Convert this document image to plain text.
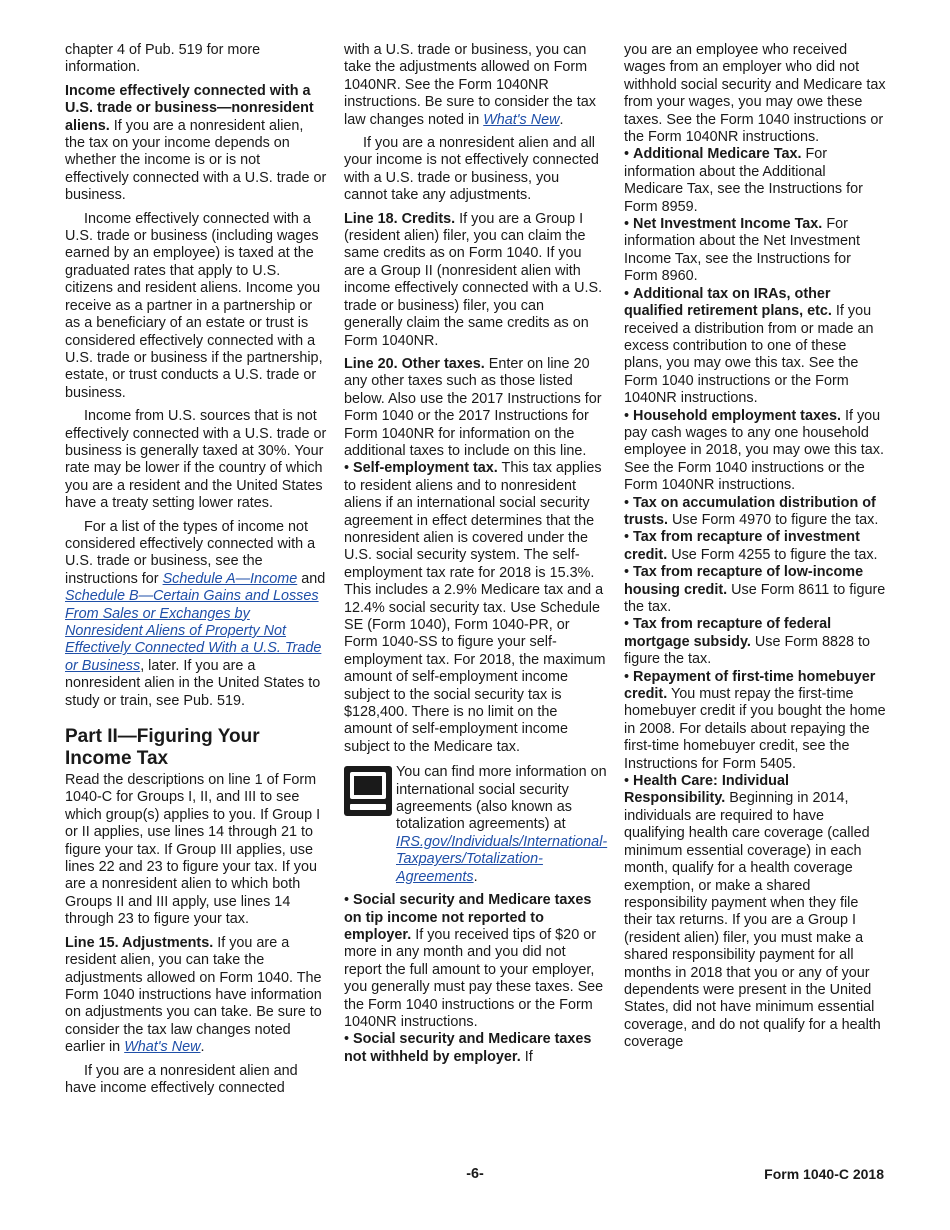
chapter 4 of Pub. 519 for more information.

Income effectively connected with a U.S. trade or business—nonresident aliens. If you are a nonresident alien, the tax on your income depends on whether the income is or is not effectively connected with a U.S. trade or business.

Income effectively connected with a U.S. trade or business (including wages earned by an employee) is taxed at the graduated rates that apply to U.S. citizens and resident aliens. Income you receive as a partner in a partnership or as a beneficiary of an estate or trust is considered effectively connected with a U.S. trade or business if the partnership, estate, or trust conducts a U.S. trade or business.

Income from U.S. sources that is not effectively connected with a U.S. trade or business is generally taxed at 30%. Your rate may be lower if the country of which you are a resident and the United States have a treaty setting lower rates.

For a list of the types of income not considered effectively connected with a U.S. trade or business, see the instructions for Schedule A—Income and Schedule B—Certain Gains and Losses From Sales or Exchanges by Nonresident Aliens of Property Not Effectively Connected With a U.S. Trade or Business, later. If you are a nonresident alien in the United States to study or train, see Pub. 519.

Part II—Figuring Your Income Tax

Read the descriptions on line 1 of Form 1040-C for Groups I, II, and III to see which group(s) applies to you. If Group I or II applies, use lines 14 through 21 to figure your tax. If Group III applies, use lines 22 and 23 to figure your tax. If you are a nonresident alien to which both Groups II and III apply, use lines 14 through 23 to figure your tax.

Line 15. Adjustments. If you are a resident alien, you can take the adjustments allowed on Form 1040. The Form 1040 instructions have information on adjustments you can take. Be sure to consider the tax law changes noted earlier in What's New.

If you are a nonresident alien and have income effectively connected

with a U.S. trade or business, you can take the adjustments allowed on Form 1040NR. See the Form 1040NR instructions. Be sure to consider the tax law changes noted in What's New.

If you are a nonresident alien and all your income is not effectively connected with a U.S. trade or business, you cannot take any adjustments.

Line 18. Credits. If you are a Group I (resident alien) filer, you can claim the same credits as on Form 1040. If you are a Group II (nonresident alien with income effectively connected with a U.S. trade or business) filer, you can generally claim the same credits as on Form 1040NR.

Line 20. Other taxes. Enter on line 20 any other taxes such as those listed below. Also use the 2017 Instructions for Form 1040 or the 2017 Instructions for Form 1040NR for information on the additional taxes to include on this line.

• Self-employment tax. This tax applies to resident aliens and to nonresident aliens if an international social security agreement in effect determines that the nonresident alien is covered under the U.S. social security system. The self-employment tax rate for 2018 is 15.3%. This includes a 2.9% Medicare tax and a 12.4% social security tax. Use Schedule SE (Form 1040), Form 1040-PR, or Form 1040-SS to figure your self-employment tax. For 2018, the maximum amount of self-employment income subject to the social security tax is $128,400. There is no limit on the amount of self-employment income subject to the Medicare tax.

You can find more information on international social security agreements (also known as totalization agreements) at IRS.gov/Individuals/International-Taxpayers/Totalization-Agreements.

• Social security and Medicare taxes on tip income not reported to employer. If you received tips of $20 or more in any month and you did not report the full amount to your employer, you generally must pay these taxes. See the Form 1040 instructions or the Form 1040NR instructions.

• Social security and Medicare taxes not withheld by employer. If

you are an employee who received wages from an employer who did not withhold social security and Medicare tax from your wages, you may owe these taxes. See the Form 1040 instructions or the Form 1040NR instructions.

• Additional Medicare Tax. For information about the Additional Medicare Tax, see the Instructions for Form 8959.

• Net Investment Income Tax. For information about the Net Investment Income Tax, see the Instructions for Form 8960.

• Additional tax on IRAs, other qualified retirement plans, etc. If you received a distribution from or made an excess contribution to one of these plans, you may owe this tax. See the Form 1040 instructions or the Form 1040NR instructions.

• Household employment taxes. If you pay cash wages to any one household employee in 2018, you may owe this tax. See the Form 1040 instructions or the Form 1040NR instructions.

• Tax on accumulation distribution of trusts. Use Form 4970 to figure the tax.

• Tax from recapture of investment credit. Use Form 4255 to figure the tax.

• Tax from recapture of low-income housing credit. Use Form 8611 to figure the tax.

• Tax from recapture of federal mortgage subsidy. Use Form 8828 to figure the tax.

• Repayment of first-time homebuyer credit. You must repay the first-time homebuyer credit if you bought the home in 2008. For details about repaying the first-time homebuyer credit, see the Instructions for Form 5405.

• Health Care: Individual Responsibility. Beginning in 2014, individuals are required to have qualifying health care coverage (called minimum essential coverage) in each month, qualify for a health coverage exemption, or make a shared responsibility payment when they file their tax returns. If you are a Group I (resident alien) filer, you must make a shared responsibility payment for all months in 2018 that you or any of your dependents were present in the United States, did not have minimum essential coverage, and do not qualify for a health coverage

-6-	Form 1040-C 2018
